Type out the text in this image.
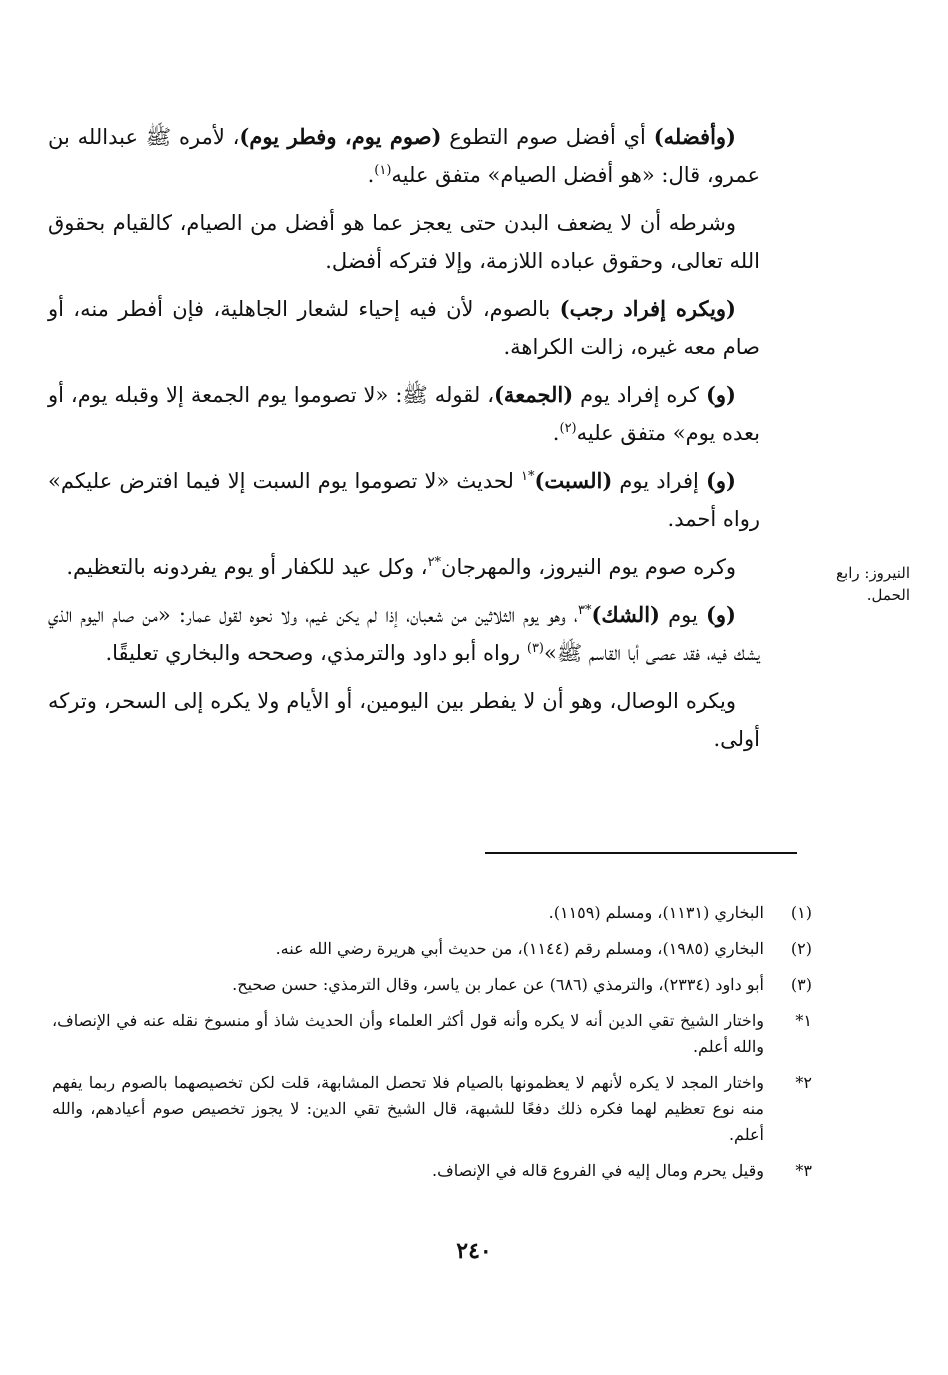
(وأفضله) أي أفضل صوم التطوع (صوم يوم، وفطر يوم)، لأمره ﷺ عبدالله بن عمرو، قال: «هو أفضل الصيام» متفق عليه$^{(١)}$.

وشرطه أن لا يضعف البدن حتى يعجز عما هو أفضل من الصيام، كالقيام بحقوق الله تعالى، وحقوق عباده اللازمة، وإلا فتركه أفضل.

(ويكره إفراد رجب) بالصوم، لأن فيه إحياء لشعار الجاهلية، فإن أفطر منه، أو صام معه غيره، زالت الكراهة.

(و) كره إفراد يوم (الجمعة)، لقوله ﷺ: «لا تصوموا يوم الجمعة إلا وقبله يوم، أو بعده يوم» متفق عليه$^{(٢)}$.

(و) إفراد يوم (السبت)$^{*١}$ لحديث «لا تصوموا يوم السبت إلا فيما افترض عليكم» رواه أحمد.

وكره صوم يوم النيروز، والمهرجان$^{*٢}$، وكل عيد للكفار أو يوم يفردونه بالتعظيم.

(و) يوم (الشك)$^{*٣}$، وهو يوم الثلاثين من شعبان، إذا لم يكن غيم، ولا نحوه لقول عمار: «من صام اليوم الذي يشك فيه، فقد عصى أبا القاسم ﷺ»$^{(٣)}$ رواه أبو داود والترمذي، وصححه والبخاري تعليقًا.

ويكره الوصال، وهو أن لا يفطر بين اليومين، أو الأيام ولا يكره إلى السحر، وتركه أولى.

النيروز: رابع الحمل.
(١)
البخاري (١١٣١)، ومسلم (١١٥٩).
(٢)
البخاري (١٩٨٥)، ومسلم رقم (١١٤٤)، من حديث أبي هريرة رضي الله عنه.
(٣)
أبو داود (٢٣٣٤)، والترمذي (٦٨٦) عن عمار بن ياسر، وقال الترمذي: حسن صحيح.
١*
واختار الشيخ تقي الدين أنه لا يكره وأنه قول أكثر العلماء وأن الحديث شاذ أو منسوخ نقله عنه في الإنصاف، والله أعلم.
٢*
واختار المجد لا يكره لأنهم لا يعظمونها بالصيام فلا تحصل المشابهة، قلت لكن تخصيصهما بالصوم ربما يفهم منه نوع تعظيم لهما فكره ذلك دفعًا للشبهة، قال الشيخ تقي الدين: لا يجوز تخصيص صوم أعيادهم، والله أعلم.
٣*
وقيل يحرم ومال إليه في الفروع قاله في الإنصاف.
٢٤٠
